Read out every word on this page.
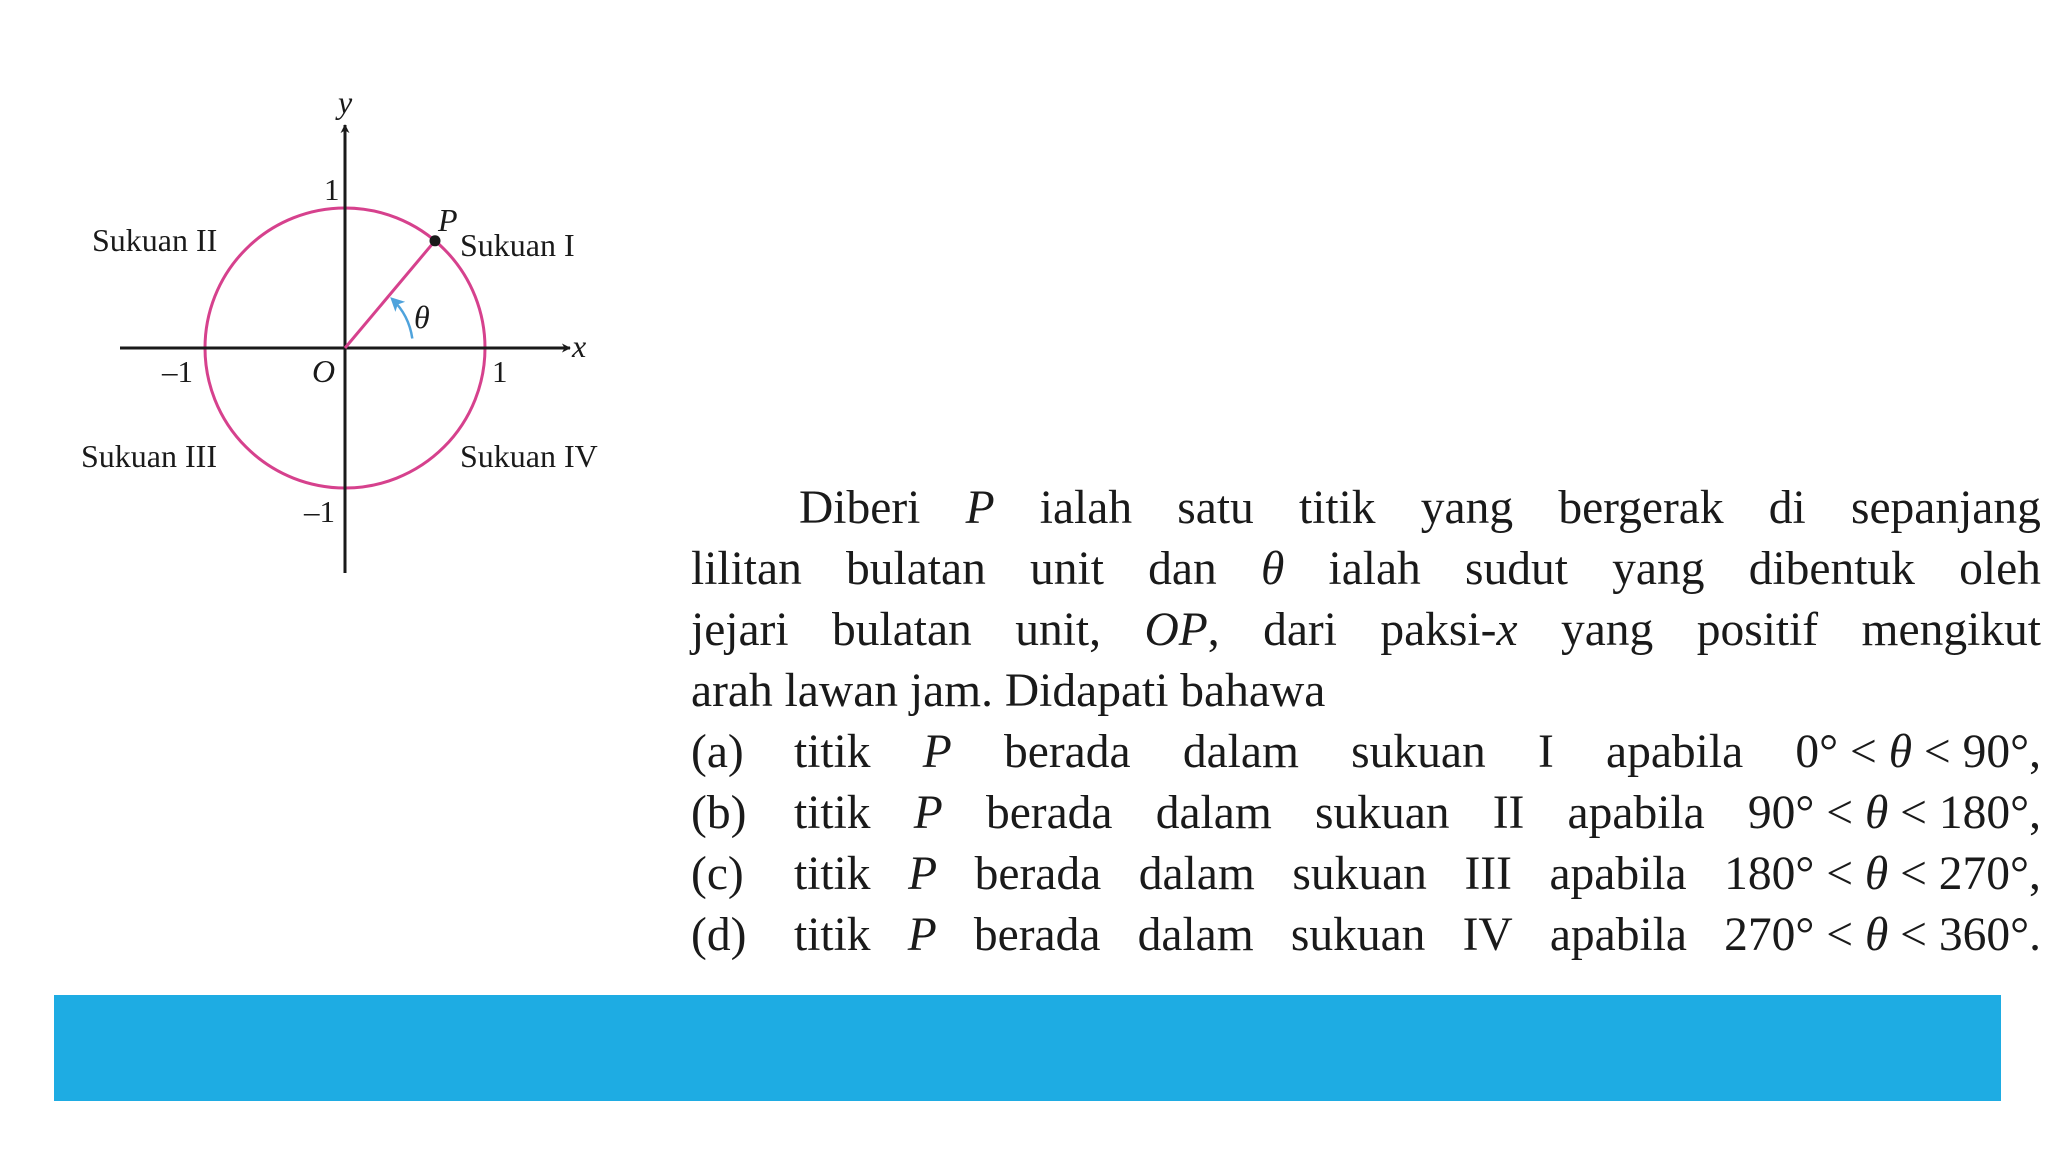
y
x
O	1
–1
1
–1
P
θ
Sukuan I
Sukuan II
Sukuan III	Sukuan IV
Diberi P ialah satu titik yang bergerak di sepanjang
lilitan bulatan unit dan θ ialah sudut yang dibentuk oleh
jejari bulatan unit, OP, dari paksi-x yang positif mengikut
arah lawan jam. Didapati bahawa
(a)	titik P berada dalam sukuan I apabila 0° < θ < 90°,
(b)	titik P berada dalam sukuan II apabila 90° < θ < 180°,
(c)	titik P berada dalam sukuan III apabila 180° < θ < 270°,
(d)	titik P berada dalam sukuan IV apabila 270° < θ < 360°.
